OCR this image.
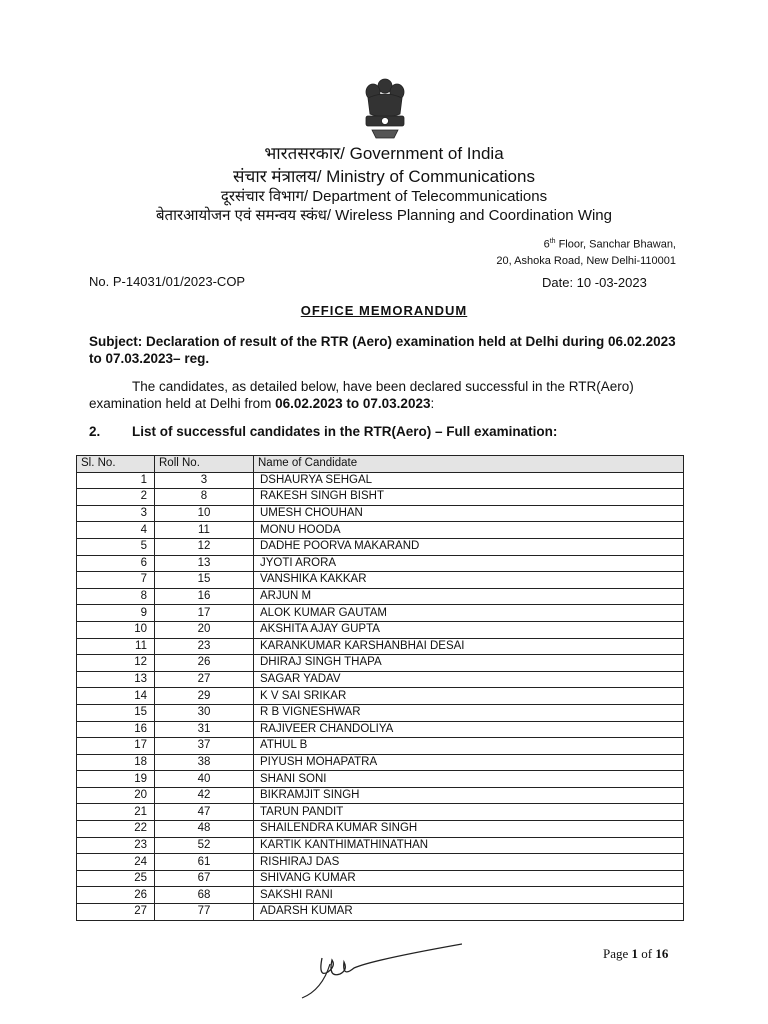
भारतसरकार/ Government of India
संचार मंत्रालय/ Ministry of Communications
दूरसंचार विभाग/ Department of Telecommunications
बेतारआयोजन एवं समन्वय स्कंध/ Wireless Planning and Coordination Wing
6th Floor, Sanchar Bhawan,
20, Ashoka Road, New Delhi-110001
No. P-14031/01/2023-COP	Date: 10 -03-2023
OFFICE MEMORANDUM
Subject: Declaration of result of the RTR (Aero) examination held at Delhi during 06.02.2023 to 07.03.2023– reg.
The candidates, as detailed below, have been declared successful in the RTR(Aero) examination held at Delhi from 06.02.2023 to 07.03.2023:
2. List of successful candidates in the RTR(Aero) – Full examination:
Sl. No.	Roll No.	Name of Candidate
1	3	DSHAURYA SEHGAL
2	8	RAKESH SINGH BISHT
3	10	UMESH CHOUHAN
4	11	MONU HOODA
5	12	DADHE POORVA MAKARAND
6	13	JYOTI ARORA
7	15	VANSHIKA KAKKAR
8	16	ARJUN M
9	17	ALOK KUMAR GAUTAM
10	20	AKSHITA AJAY GUPTA
11	23	KARANKUMAR KARSHANBHAI DESAI
12	26	DHIRAJ SINGH THAPA
13	27	SAGAR YADAV
14	29	K V SAI SRIKAR
15	30	R B VIGNESHWAR
16	31	RAJIVEER CHANDOLIYA
17	37	ATHUL B
18	38	PIYUSH MOHAPATRA
19	40	SHANI SONI
20	42	BIKRAMJIT SINGH
21	47	TARUN PANDIT
22	48	SHAILENDRA KUMAR SINGH
23	52	KARTIK KANTHIMATHINATHAN
24	61	RISHIRAJ DAS
25	67	SHIVANG KUMAR
26	68	SAKSHI RANI
27	77	ADARSH KUMAR
Page 1 of 16
